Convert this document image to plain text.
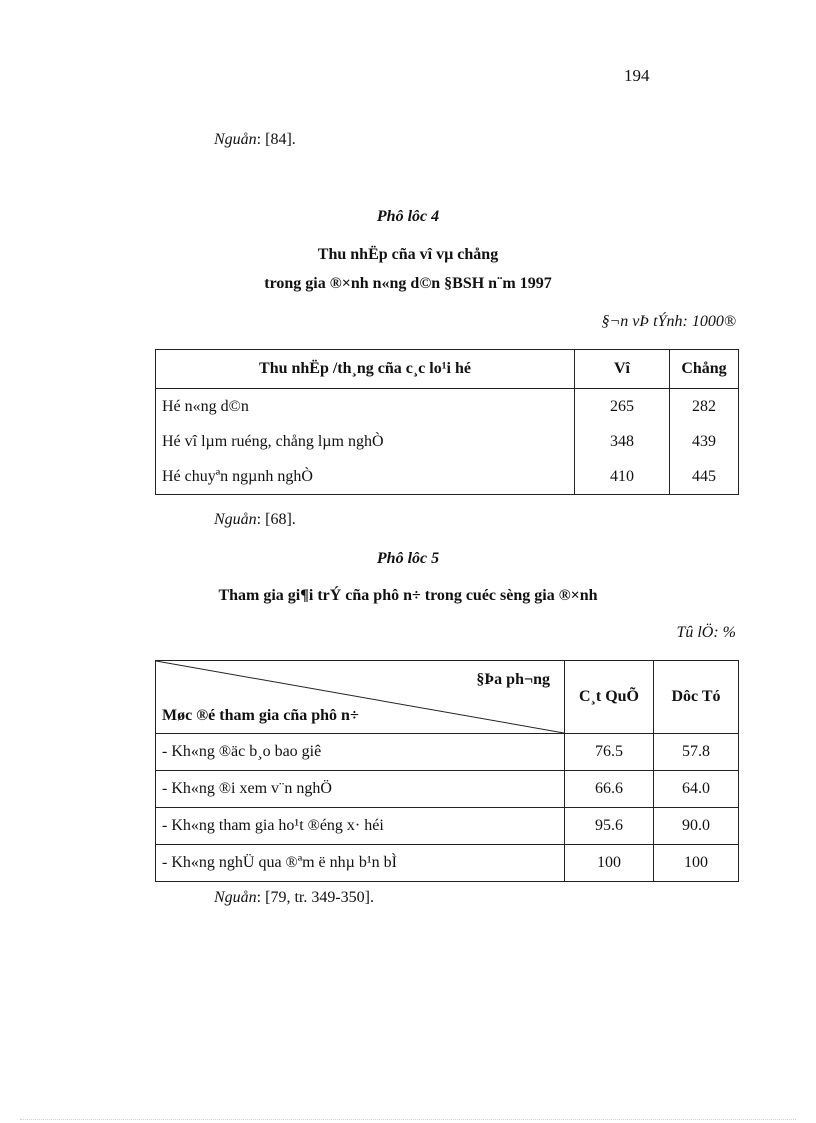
194
Nguån: [84].
Phô lôc 4
Thu nhËp cña vî vµ chång
trong gia ®×nh n«ng d©n §BSH n¨m 1997
§¬n vÞ tÝnh: 1000®
Thu nhËp /th¸ng cña c¸c lo¹i hé	Vî	Chång
Hé n«ng d©n	265	282
Hé vî lµm ruéng, chång lµm nghÒ	348	439
Hé chuyªn ngµnh nghÒ	410	445
Nguån: [68].
Phô lôc 5
Tham gia gi¶i trÝ cña phô n÷ trong cuéc sèng gia ®×nh
Tû lÖ: %
§Þa ph¬ng
Møc ®é tham gia cña phô n÷	C¸t QuÕ	Dôc Tó
- Kh«ng ®äc b¸o bao giê	76.5	57.8
- Kh«ng ®i xem v¨n nghÖ	66.6	64.0
- Kh«ng tham gia ho¹t ®éng x· héi	95.6	90.0
- Kh«ng nghÜ qua ®ªm ë nhµ b¹n bÌ	100	100
Nguån: [79, tr. 349-350].
